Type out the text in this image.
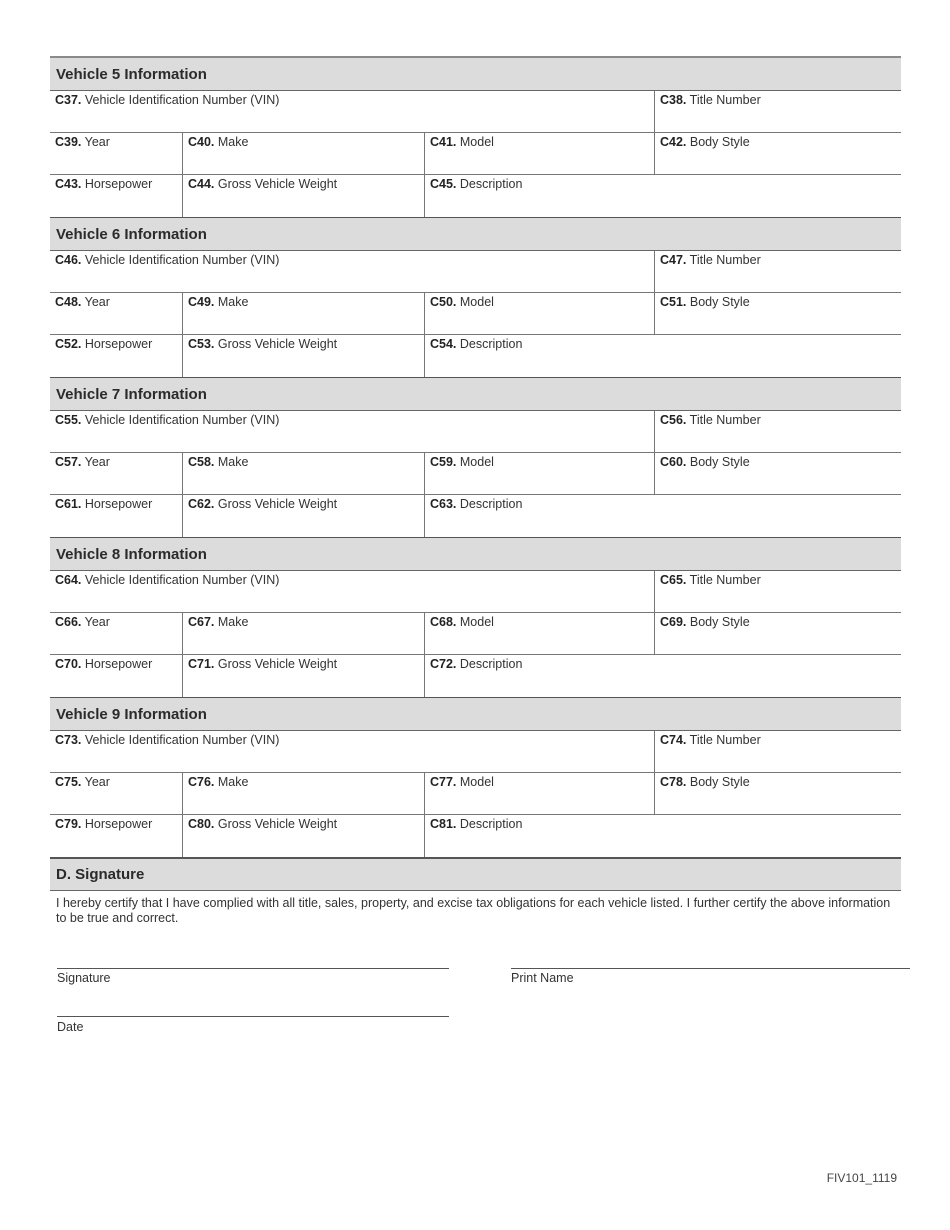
Vehicle 5 Information
C37. Vehicle Identification Number (VIN)	C38. Title Number
C39. Year	C40. Make	C41. Model	C42. Body Style
C43. Horsepower	C44. Gross Vehicle Weight	C45. Description
Vehicle 6 Information
C46. Vehicle Identification Number (VIN)	C47. Title Number
C48. Year	C49. Make	C50. Model	C51. Body Style
C52. Horsepower	C53. Gross Vehicle Weight	C54. Description
Vehicle 7 Information
C55. Vehicle Identification Number (VIN)	C56. Title Number
C57. Year	C58. Make	C59. Model	C60. Body Style
C61. Horsepower	C62. Gross Vehicle Weight	C63. Description
Vehicle 8 Information
C64. Vehicle Identification Number (VIN)	C65. Title Number
C66. Year	C67. Make	C68. Model	C69. Body Style
C70. Horsepower	C71. Gross Vehicle Weight	C72. Description
Vehicle 9 Information
C73. Vehicle Identification Number (VIN)	C74. Title Number
C75. Year	C76. Make	C77. Model	C78. Body Style
C79. Horsepower	C80. Gross Vehicle Weight	C81. Description
D. Signature
I hereby certify that I have complied with all title, sales, property, and excise tax obligations for each vehicle listed. I further certify the above information to be true and correct.
Signature	Print Name
Date
FIV101_1119
